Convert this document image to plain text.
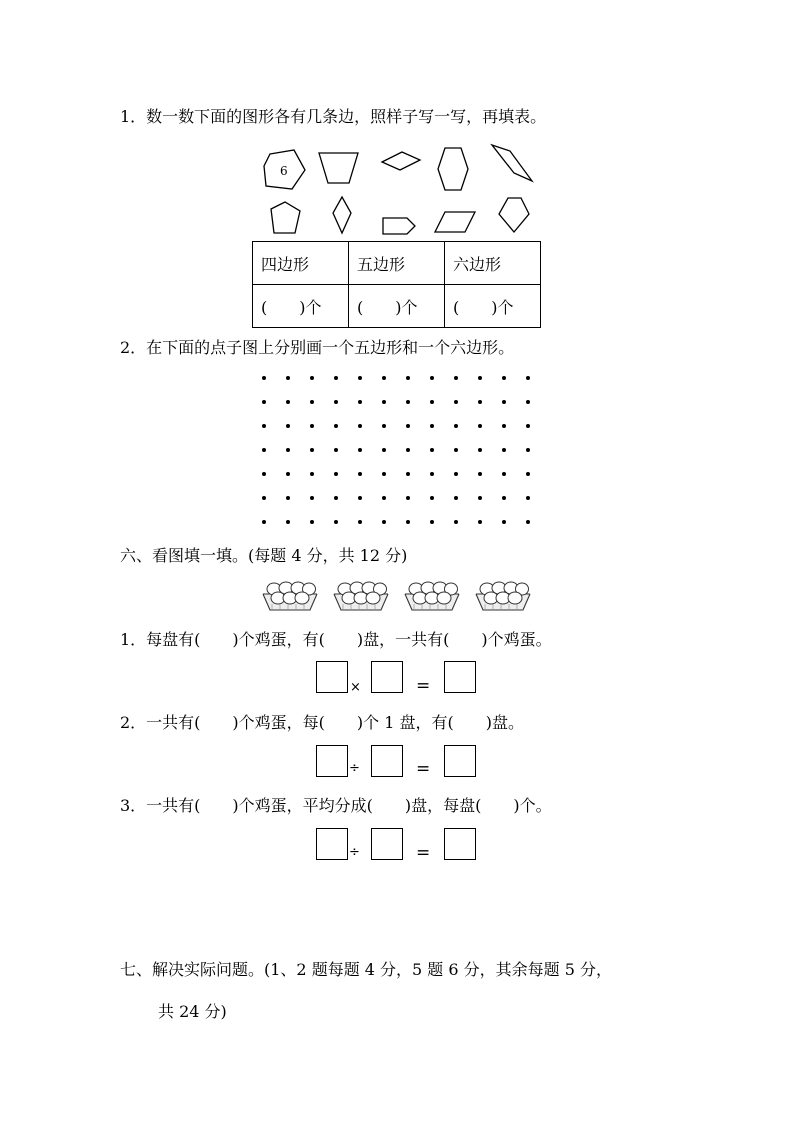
1．数一数下面的图形各有几条边，照样子写一写，再填表。
6
四边形	五边形	六边形
(　　)个	(　　)个	(　　)个
2．在下面的点子图上分别画一个五边形和一个六边形。
六、看图填一填。(每题 4 分，共 12 分)
1．每盘有(　　)个鸡蛋，有(　　)盘，一共有(　　)个鸡蛋。
×	=
2．一共有(　　)个鸡蛋，每(　　)个 1 盘，有(　　)盘。
÷	=
3．一共有(　　)个鸡蛋，平均分成(　　)盘，每盘(　　)个。
÷	=
七、解决实际问题。(1、2 题每题 4 分，5 题 6 分，其余每题 5 分，
共 24 分)
